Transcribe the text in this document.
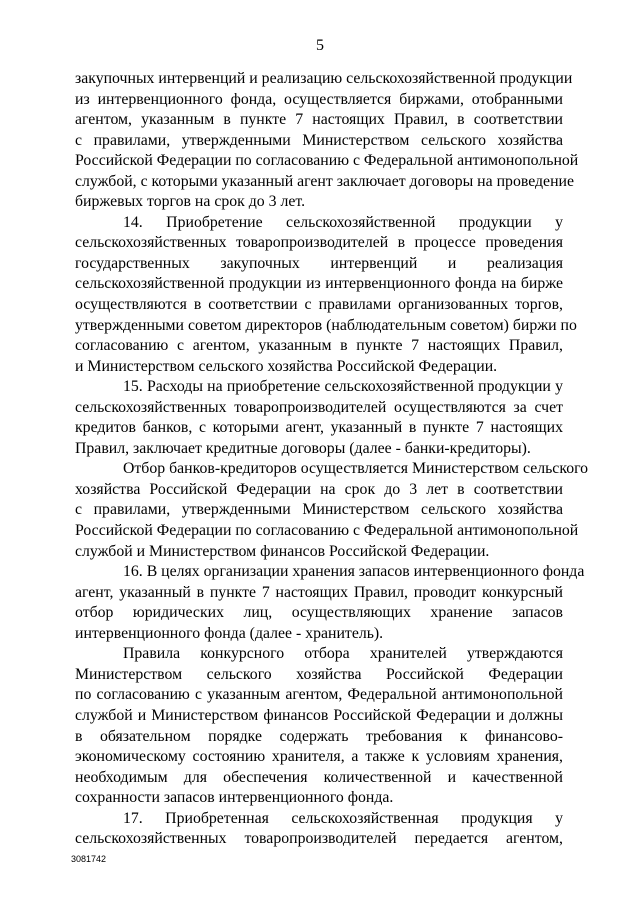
5
закупочных интервенций и реализацию сельскохозяйственной продукции
из интервенционного фонда, осуществляется биржами, отобранными
агентом, указанным в пункте 7 настоящих Правил, в соответствии
с правилами, утвержденными Министерством сельского хозяйства
Российской Федерации по согласованию с Федеральной антимонопольной
службой, с которыми указанный агент заключает договоры на проведение
биржевых торгов на срок до 3 лет.
14. Приобретение сельскохозяйственной продукции у
сельскохозяйственных товаропроизводителей в процессе проведения
государственных закупочных интервенций и реализация
сельскохозяйственной продукции из интервенционного фонда на бирже
осуществляются в соответствии с правилами организованных торгов,
утвержденными советом директоров (наблюдательным советом) биржи по
согласованию с агентом, указанным в пункте 7 настоящих Правил,
и Министерством сельского хозяйства Российской Федерации.
15. Расходы на приобретение сельскохозяйственной продукции у
сельскохозяйственных товаропроизводителей осуществляются за счет
кредитов банков, с которыми агент, указанный в пункте 7 настоящих
Правил, заключает кредитные договоры (далее - банки-кредиторы).
Отбор банков-кредиторов осуществляется Министерством сельского
хозяйства Российской Федерации на срок до 3 лет в соответствии
с правилами, утвержденными Министерством сельского хозяйства
Российской Федерации по согласованию с Федеральной антимонопольной
службой и Министерством финансов Российской Федерации.
16. В целях организации хранения запасов интервенционного фонда
агент, указанный в пункте 7 настоящих Правил, проводит конкурсный
отбор юридических лиц, осуществляющих хранение запасов
интервенционного фонда (далее - хранитель).
Правила конкурсного отбора хранителей утверждаются
Министерством сельского хозяйства Российской Федерации
по согласованию с указанным агентом, Федеральной антимонопольной
службой и Министерством финансов Российской Федерации и должны
в обязательном порядке содержать требования к финансово-
экономическому состоянию хранителя, а также к условиям хранения,
необходимым для обеспечения количественной и качественной
сохранности запасов интервенционного фонда.
17. Приобретенная сельскохозяйственная продукция у
сельскохозяйственных товаропроизводителей передается агентом,
3081742
